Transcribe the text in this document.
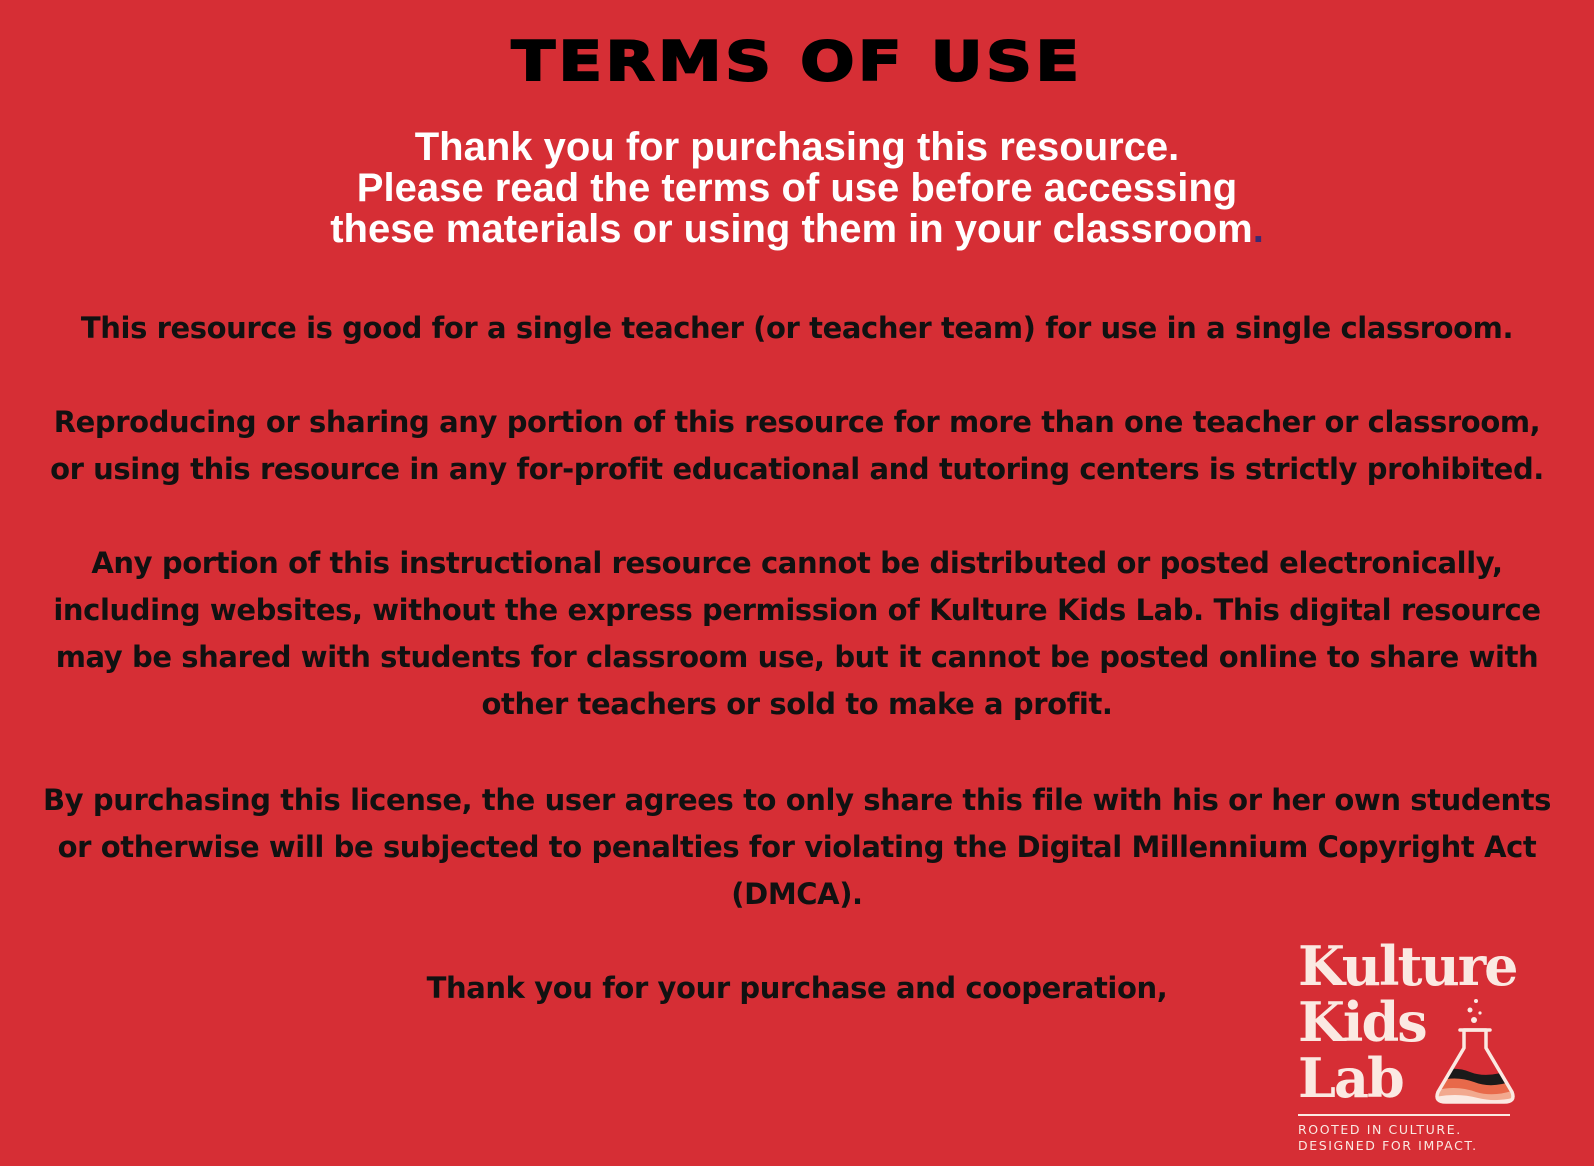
TERMS OF USE
Thank you for purchasing this resource.
Please read the terms of use before accessing
these materials or using them in your classroom.
This resource is good for a single teacher (or teacher team) for use in a single classroom.
Reproducing or sharing any portion of this resource for more than one teacher or classroom,
or using this resource in any for-profit educational and tutoring centers is strictly prohibited.
Any portion of this instructional resource cannot be distributed or posted electronically,
including websites, without the express permission of Kulture Kids Lab. This digital resource
may be shared with students for classroom use, but it cannot be posted online to share with
other teachers or sold to make a profit.
By purchasing this license, the user agrees to only share this file with his or her own students
or otherwise will be subjected to penalties for violating the Digital Millennium Copyright Act
(DMCA).
Thank you for your purchase and cooperation,	Kulture
Kids
Lab
ROOTED IN CULTURE.
DESIGNED FOR IMPACT.
